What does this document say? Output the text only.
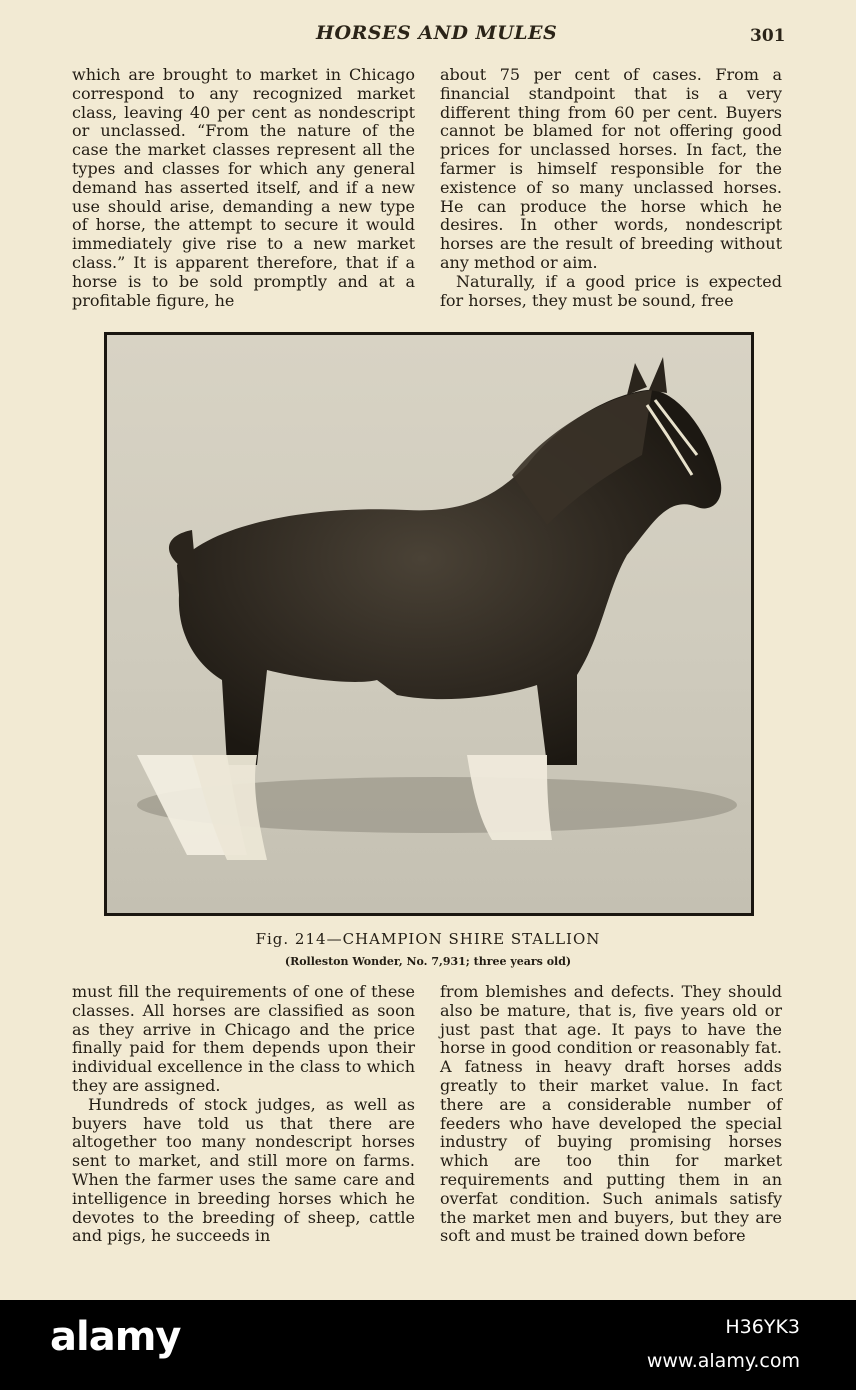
HORSES AND MULES	301

which are brought to market in Chicago correspond to any recognized market class, leaving 40 per cent as nondescript or unclassed. “From the nature of the case the market classes represent all the types and classes for which any general demand has asserted itself, and if a new use should arise, demanding a new type of horse, the attempt to secure it would immediately give rise to a new market class.” It is apparent therefore, that if a horse is to be sold promptly and at a profitable figure, he

about 75 per cent of cases. From a financial standpoint that is a very different thing from 60 per cent. Buyers cannot be blamed for not offering good prices for unclassed horses. In fact, the farmer is himself responsible for the existence of so many unclassed horses. He can produce the horse which he desires. In other words, nondescript horses are the result of breeding without any method or aim.

Naturally, if a good price is expected for horses, they must be sound, free

Fig. 214—CHAMPION SHIRE STALLION
(Rolleston Wonder, No. 7,931; three years old)

must fill the requirements of one of these classes. All horses are classified as soon as they arrive in Chicago and the price finally paid for them depends upon their individual excellence in the class to which they are assigned.

Hundreds of stock judges, as well as buyers have told us that there are altogether too many nondescript horses sent to market, and still more on farms. When the farmer uses the same care and intelligence in breeding horses which he devotes to the breeding of sheep, cattle and pigs, he succeeds in

from blemishes and defects. They should also be mature, that is, five years old or just past that age. It pays to have the horse in good condition or reasonably fat. A fatness in heavy draft horses adds greatly to their market value. In fact there are a considerable number of feeders who have developed the special industry of buying promising horses which are too thin for market requirements and putting them in an overfat condition. Such animals satisfy the market men and buyers, but they are soft and must be trained down before

alamy	H36YK3
www.alamy.com
